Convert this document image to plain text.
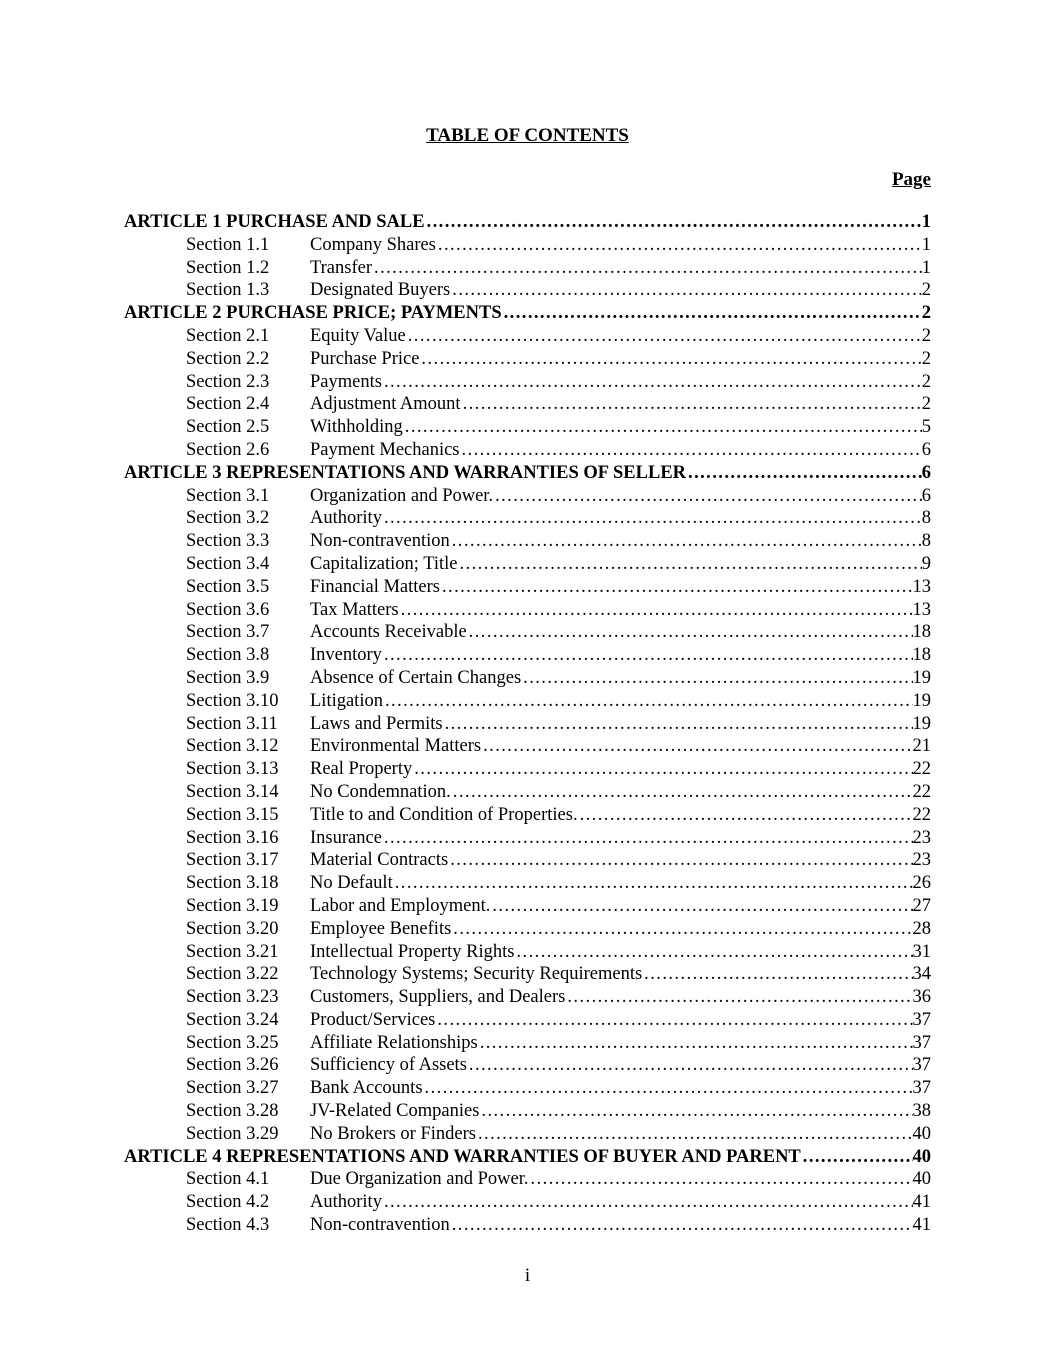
TABLE OF CONTENTS
Page
ARTICLE 1 PURCHASE AND SALE . . .	1
Section 1.1	Company Shares . . .	1
Section 1.2	Transfer . . .	1
Section 1.3	Designated Buyers . . .	2
ARTICLE 2 PURCHASE PRICE; PAYMENTS . . .	2
Section 2.1	Equity Value . . .	2
Section 2.2	Purchase Price . . .	2
Section 2.3	Payments . . .	2
Section 2.4	Adjustment Amount . . .	2
Section 2.5	Withholding . . .	5
Section 2.6	Payment Mechanics . . .	6
ARTICLE 3 REPRESENTATIONS AND WARRANTIES OF SELLER . . .	6
Section 3.1	Organization and Power. . . .	6
Section 3.2	Authority . . .	8
Section 3.3	Non-contravention . . .	8
Section 3.4	Capitalization; Title . . .	9
Section 3.5	Financial Matters . . .	13
Section 3.6	Tax Matters . . .	13
Section 3.7	Accounts Receivable . . .	18
Section 3.8	Inventory . . .	18
Section 3.9	Absence of Certain Changes . . .	19
Section 3.10	Litigation . . .	19
Section 3.11	Laws and Permits . . .	19
Section 3.12	Environmental Matters . . .	21
Section 3.13	Real Property . . .	22
Section 3.14	No Condemnation. . . .	22
Section 3.15	Title to and Condition of Properties. . . .	22
Section 3.16	Insurance . . .	23
Section 3.17	Material Contracts . . .	23
Section 3.18	No Default . . .	26
Section 3.19	Labor and Employment. . . .	27
Section 3.20	Employee Benefits . . .	28
Section 3.21	Intellectual Property Rights . . .	31
Section 3.22	Technology Systems; Security Requirements . . .	34
Section 3.23	Customers, Suppliers, and Dealers . . .	36
Section 3.24	Product/Services . . .	37
Section 3.25	Affiliate Relationships . . .	37
Section 3.26	Sufficiency of Assets . . .	37
Section 3.27	Bank Accounts . . .	37
Section 3.28	JV-Related Companies . . .	38
Section 3.29	No Brokers or Finders . . .	40
ARTICLE 4 REPRESENTATIONS AND WARRANTIES OF BUYER AND PARENT . . .	40
Section 4.1	Due Organization and Power. . . .	40
Section 4.2	Authority . . .	41
Section 4.3	Non-contravention . . .	41
i
